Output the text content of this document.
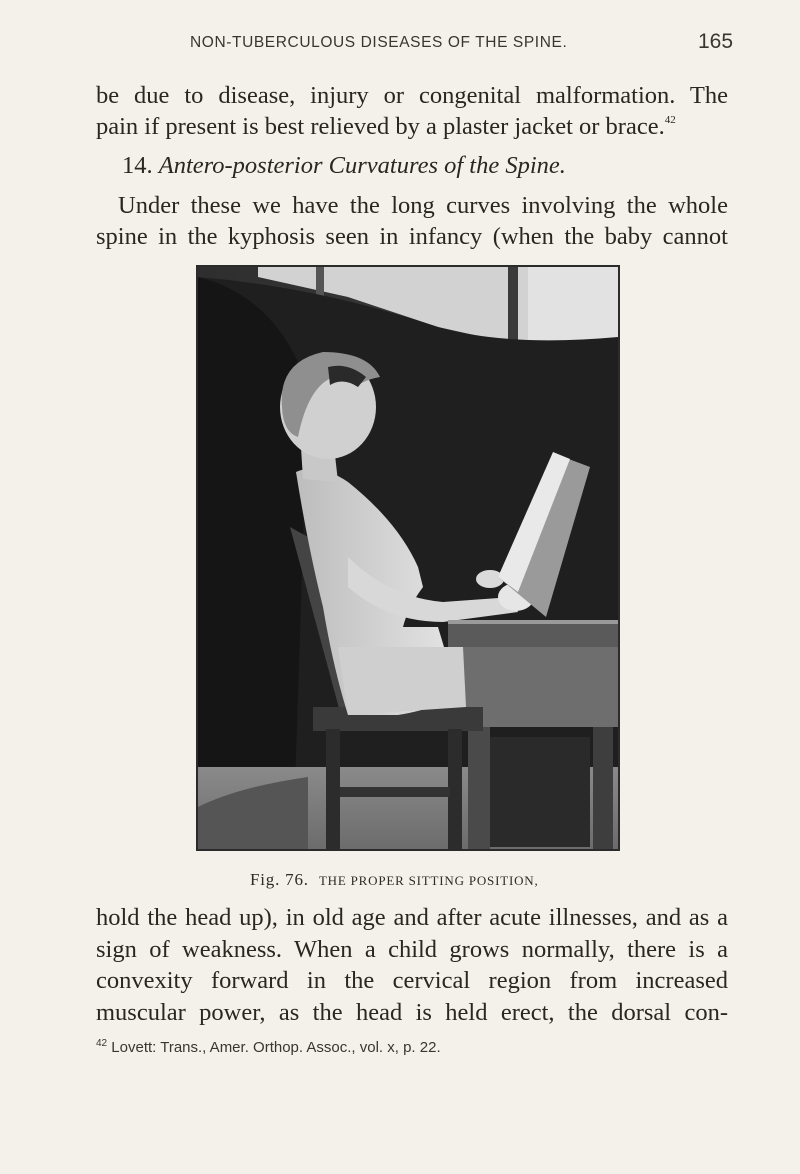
NON-TUBERCULOUS DISEASES OF THE SPINE.	165
be due to disease, injury or congenital malformation. The
pain if present is best relieved by a plaster jacket or brace.$^{42}$
14. Antero-posterior Curvatures of the Spine.
Under these we have the long curves involving the whole
spine in the kyphosis seen in infancy (when the baby cannot
Fig. 76. THE PROPER SITTING POSITION,
hold the head up), in old age and after acute illnesses, and as a
sign of weakness. When a child grows normally, there is a
convexity forward in the cervical region from increased
muscular power, as the head is held erect, the dorsal con-
$^{42}$ Lovett: Trans., Amer. Orthop. Assoc., vol. x, p. 22.
